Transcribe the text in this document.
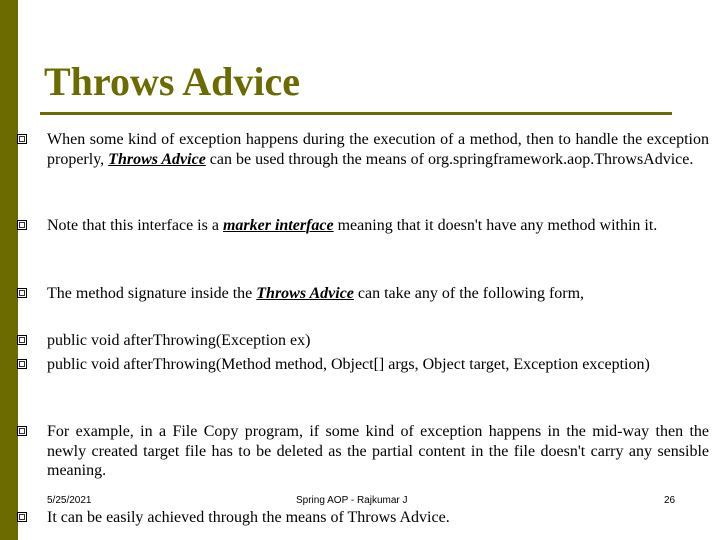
Throws Advice
When some kind of exception happens during the execution of a method, then to handle the exception properly, Throws Advice can be used through the means of org.springframework.aop.ThrowsAdvice.
Note that this interface is a marker interface meaning that it doesn't have any method within it.
The method signature inside the Throws Advice can take any of the following form,
public void afterThrowing(Exception ex)
public void afterThrowing(Method method, Object[] args, Object target, Exception exception)
For example, in a File Copy program, if some kind of exception happens in the mid-way then the newly created target file has to be deleted as the partial content in the file doesn't carry any sensible meaning.
5/25/2021	Spring AOP - Rajkumar J	26
It can be easily achieved through the means of Throws Advice.
